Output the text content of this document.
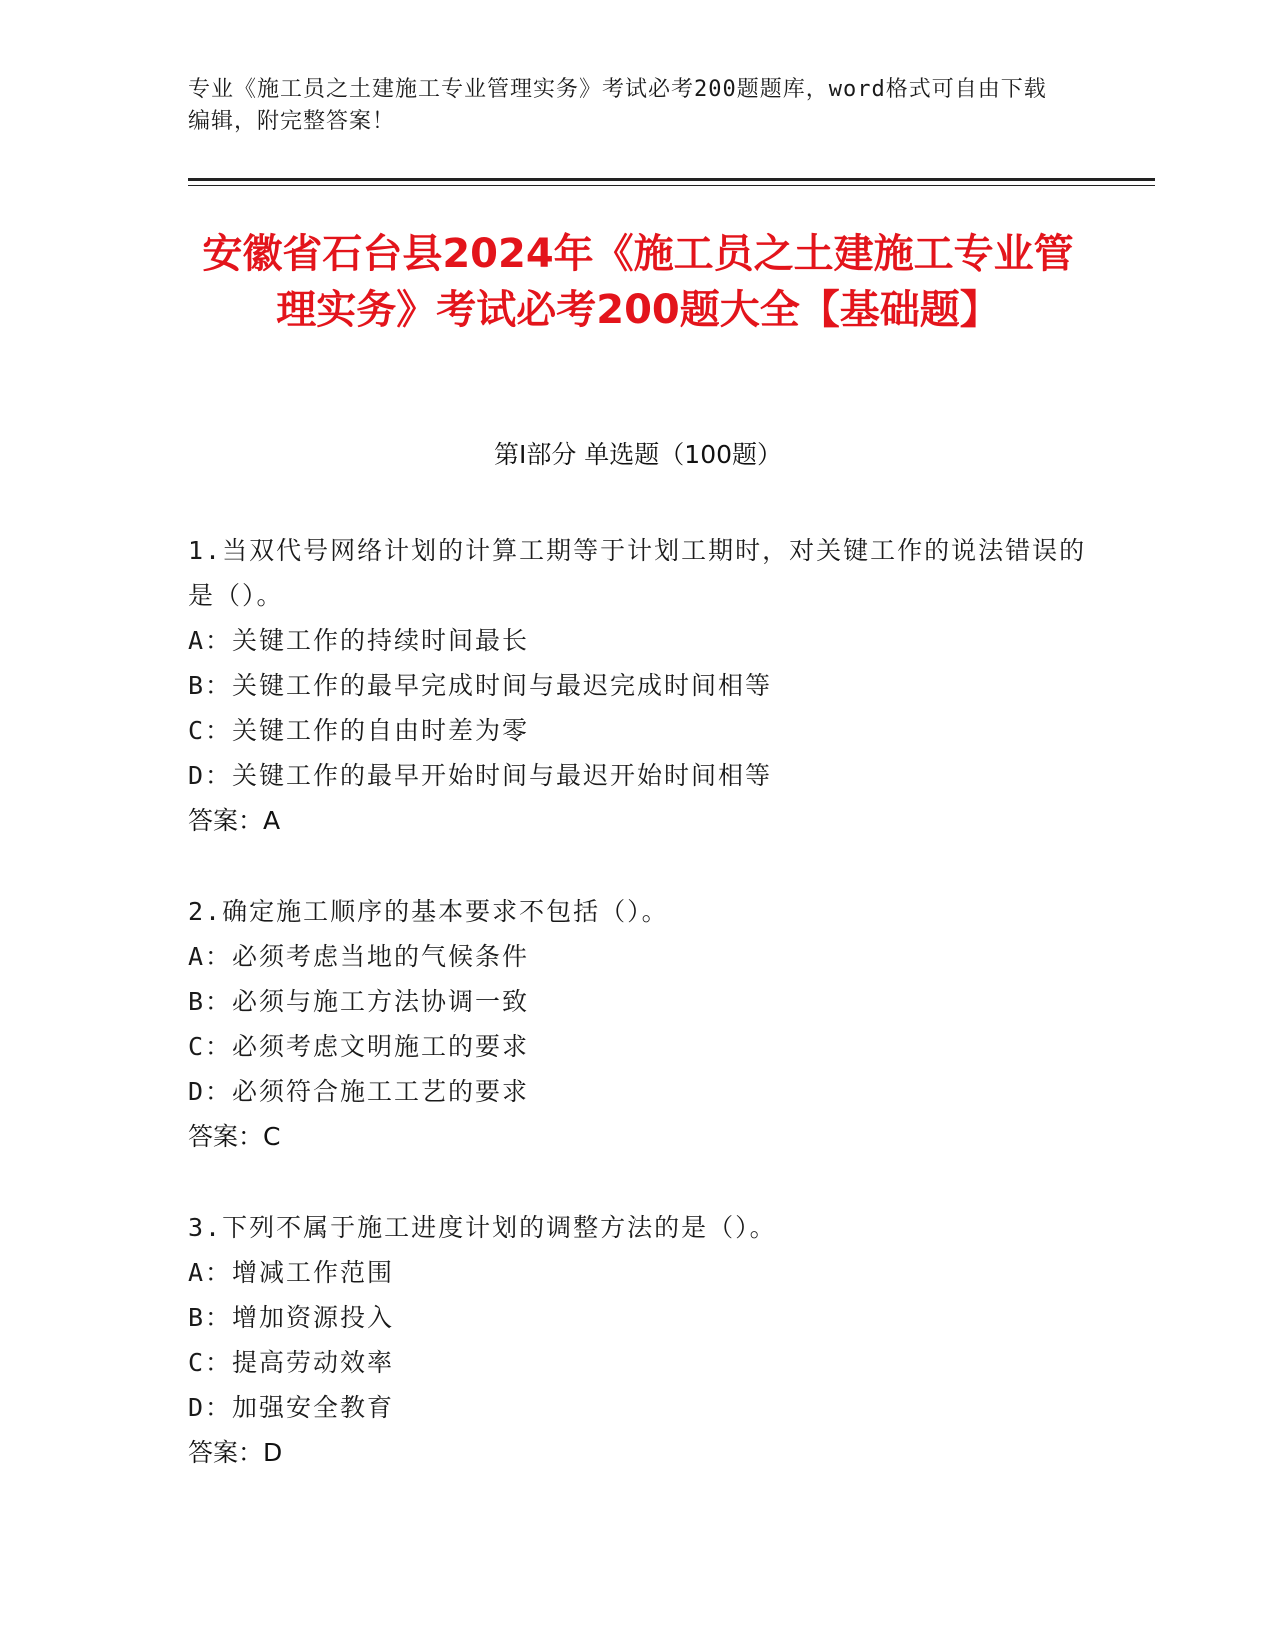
专业《施工员之土建施工专业管理实务》考试必考200题题库，word格式可自由下载编辑，附完整答案！
安徽省石台县2024年《施工员之土建施工专业管理实务》考试必考200题大全【基础题】
第I部分 单选题（100题）
1.当双代号网络计划的计算工期等于计划工期时，对关键工作的说法错误的是（）。
A：关键工作的持续时间最长
B：关键工作的最早完成时间与最迟完成时间相等
C：关键工作的自由时差为零
D：关键工作的最早开始时间与最迟开始时间相等
答案：A
2.确定施工顺序的基本要求不包括（）。
A：必须考虑当地的气候条件
B：必须与施工方法协调一致
C：必须考虑文明施工的要求
D：必须符合施工工艺的要求
答案：C
3.下列不属于施工进度计划的调整方法的是（）。
A：增减工作范围
B：增加资源投入
C：提高劳动效率
D：加强安全教育
答案：D
